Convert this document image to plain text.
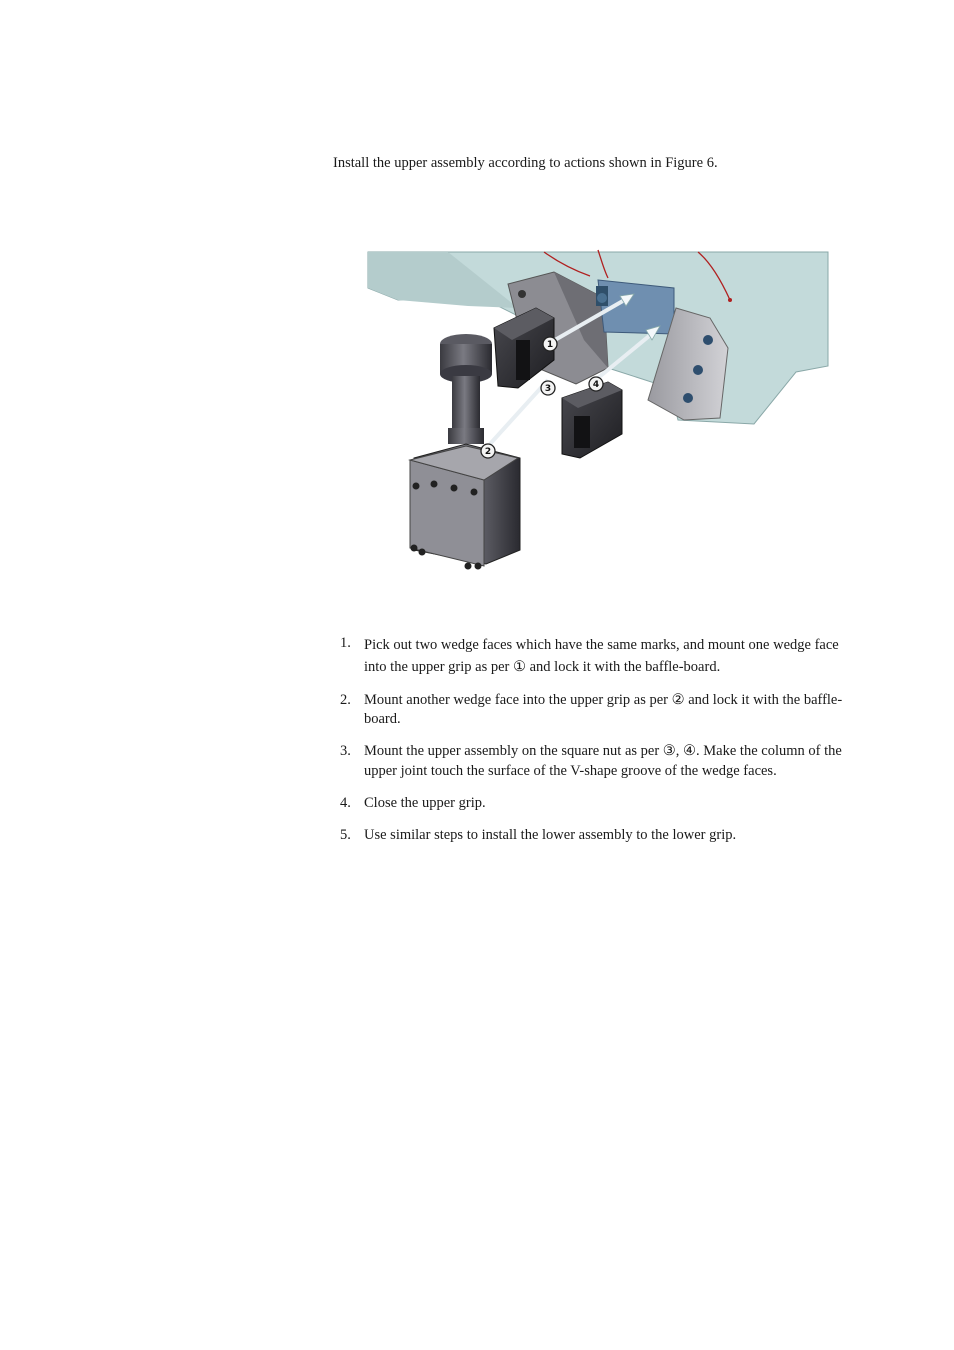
Install the upper assembly according to actions shown in Figure 6.
1
2
3	4
1. Pick out two wedge faces which have the same marks, and mount one wedge face into the upper grip as per ① and lock it with the baffle-board.
2. Mount another wedge face into the upper grip as per ② and lock it with the baffle-board.
3. Mount the upper assembly on the square nut as per ③, ④. Make the column of the upper joint touch the surface of the V-shape groove of the wedge faces.
4. Close the upper grip.
5. Use similar steps to install the lower assembly to the lower grip.
